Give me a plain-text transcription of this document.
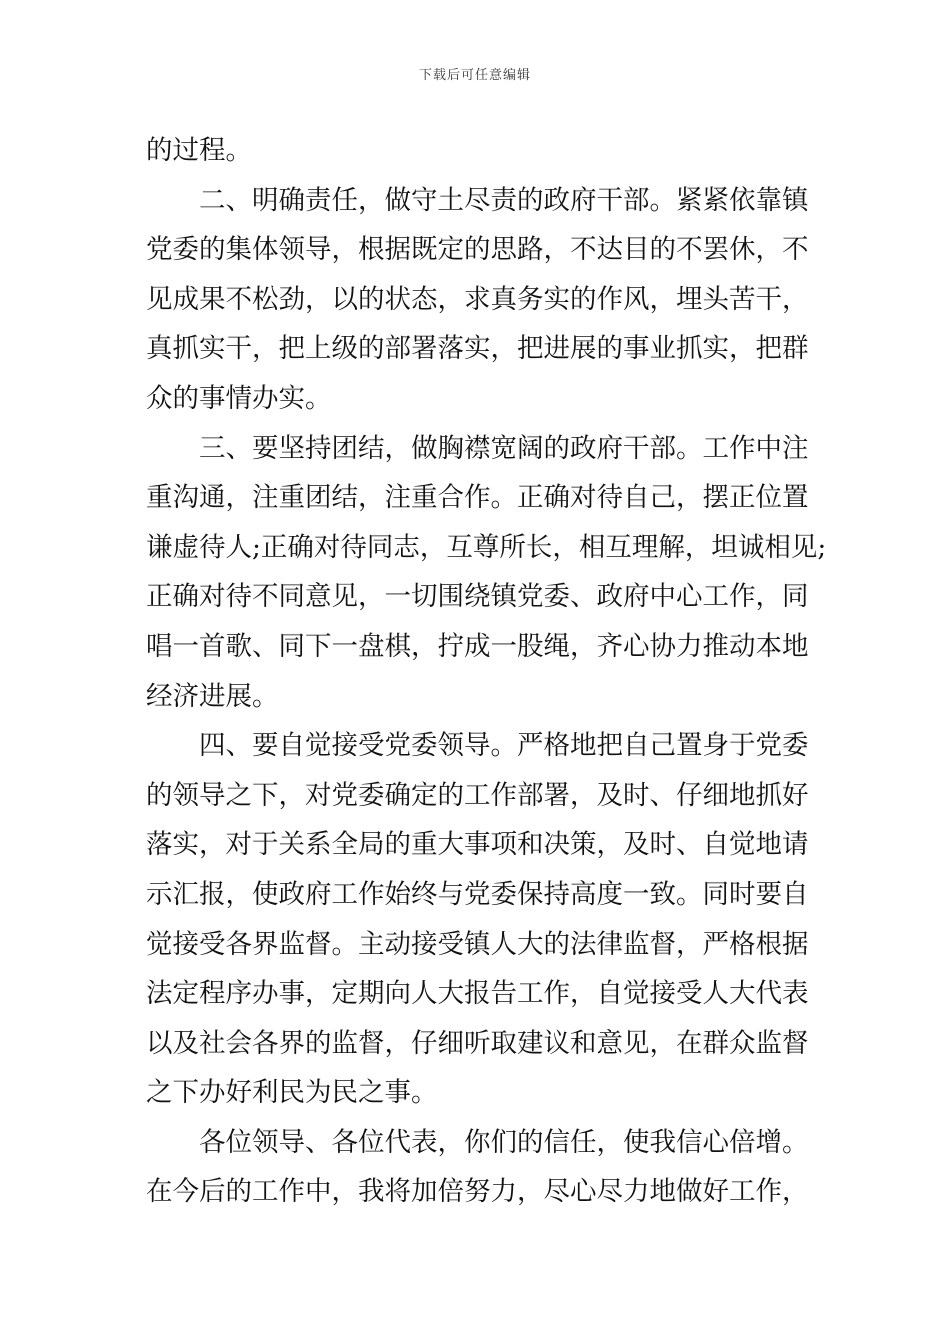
下载后可任意编辑
的过程。
　　二、明确责任，做守土尽责的政府干部。紧紧依靠镇
党委的集体领导，根据既定的思路，不达目的不罢休，不
见成果不松劲，以的状态，求真务实的作风，埋头苦干，
真抓实干，把上级的部署落实，把进展的事业抓实，把群
众的事情办实。
　　三、要坚持团结，做胸襟宽阔的政府干部。工作中注
重沟通，注重团结，注重合作。正确对待自己，摆正位置
谦虚待人;正确对待同志，互尊所长，相互理解，坦诚相见;
正确对待不同意见，一切围绕镇党委、政府中心工作，同
唱一首歌、同下一盘棋，拧成一股绳，齐心协力推动本地
经济进展。
　　四、要自觉接受党委领导。严格地把自己置身于党委
的领导之下，对党委确定的工作部署，及时、仔细地抓好
落实，对于关系全局的重大事项和决策，及时、自觉地请
示汇报，使政府工作始终与党委保持高度一致。同时要自
觉接受各界监督。主动接受镇人大的法律监督，严格根据
法定程序办事，定期向人大报告工作，自觉接受人大代表
以及社会各界的监督，仔细听取建议和意见，在群众监督
之下办好利民为民之事。
　　各位领导、各位代表，你们的信任，使我信心倍增。
在今后的工作中，我将加倍努力，尽心尽力地做好工作，
